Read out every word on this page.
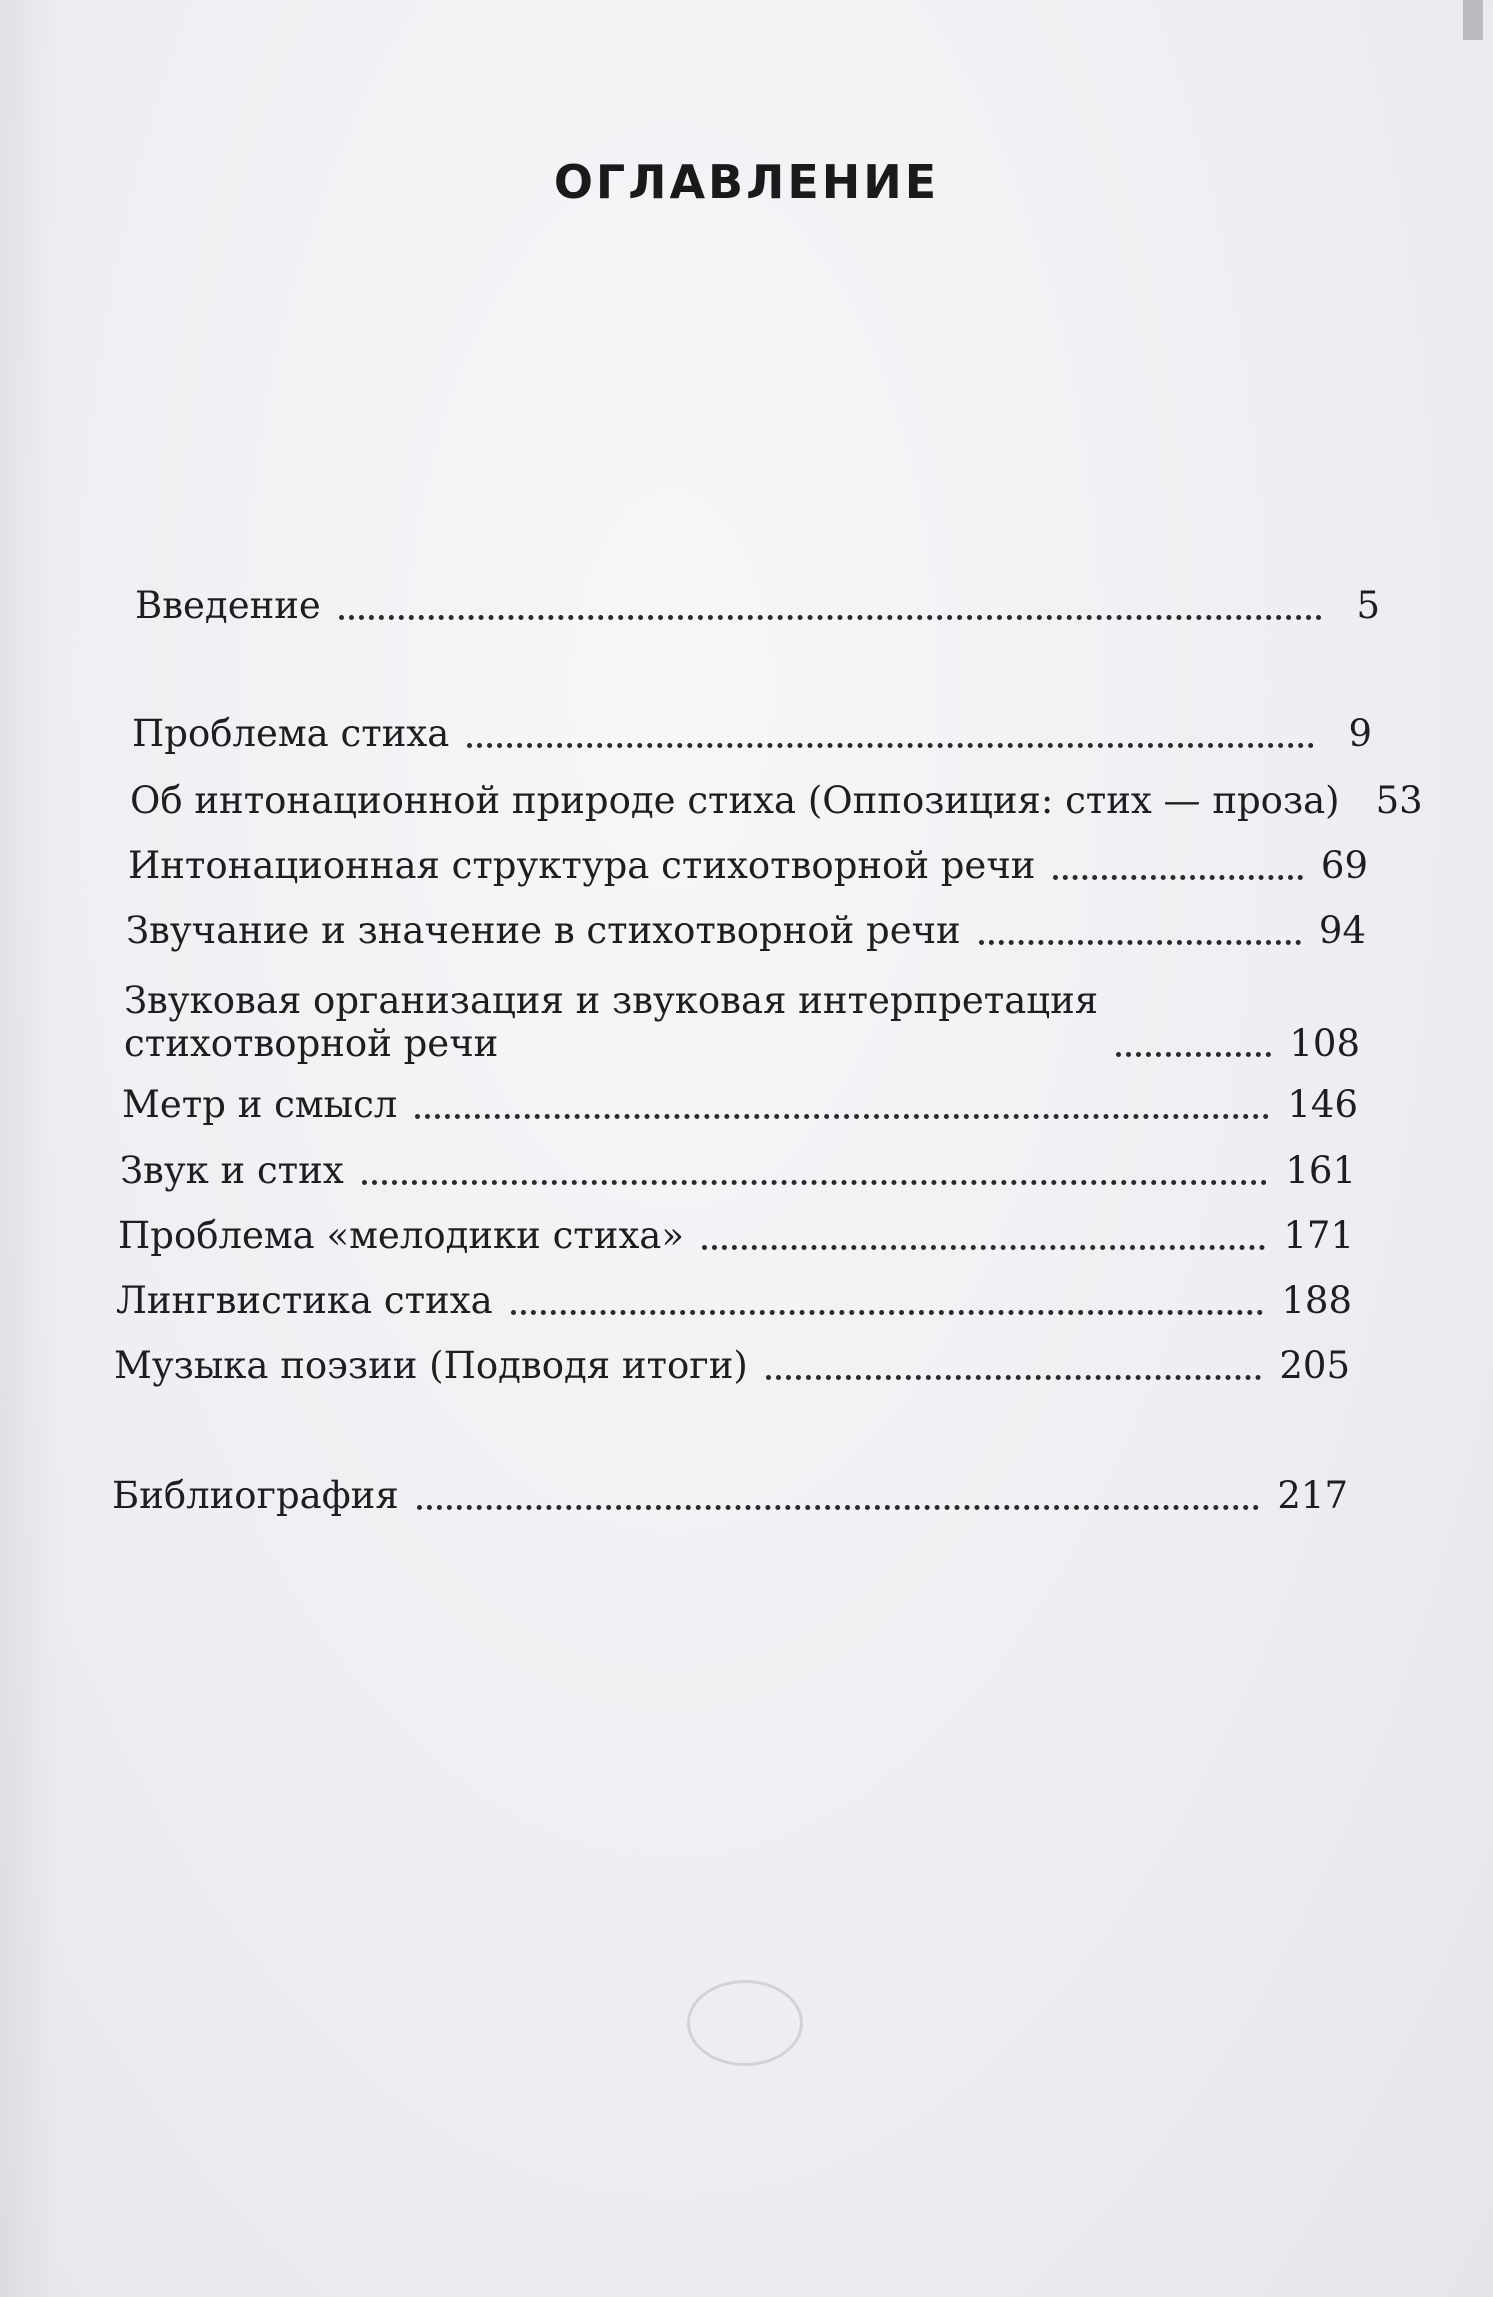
ОГЛАВЛЕНИЕ
Введение	5
Проблема стиха	9
Об интонационной природе стиха (Оппозиция: стих — проза) 53
Интонационная структура стихотворной речи	69
Звучание и значение в стихотворной речи	94
Звуковая организация и звуковая интерпретация
стихотворной речи	108
Метр и смысл	146
Звук и стих	161
Проблема «мелодики стиха»	171
Лингвистика стиха	188
Музыка поэзии (Подводя итоги)	205
Библиография	217
